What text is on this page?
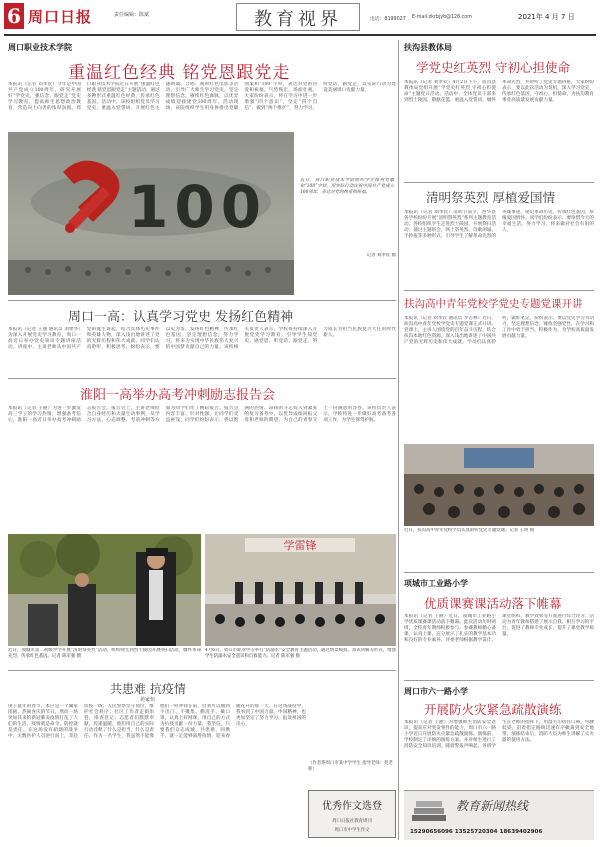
6 周口日报	责任编辑：陈斌	教育视界	电话：8199027 E-mail:zkrbjyb@126.com	2021年 4 月 7 日
周口职业技术学院
重温红色经典 铭党恩跟党走
本报讯（记者 刘孝钦）今年是中国共产党成立100周年，研究开展好“学党史、强信念、跟党走”党史学习教育，提高师生思想政治教育，营造向上向善的浓厚氛围。周口职业技术学院近日开展“重温红色经典 铭党恩跟党走”主题活动，通过多种形式重温红色经典，传承红色基因。活动中，该校组织党员学习党史，重温入党誓词，开展红色主题朗诵、合唱、观看红色电影等活动，引导广大师生学习党史，坚定理想信念，赓续红色血脉，以优异成绩迎接建党100周年。活动现场，该院组织学生用身体排出党徽图案和“100”字样，表达对党的热爱和祝福，气势恢宏，场面壮观。大家纷纷表示，将在学习中进一步增强“四个意识”、坚定“四个自信”、做到“两个维护”，努力学习，听党话、跟党走，以实际行动为建设美丽周口贡献力量。
100	近日，周口职业技术学院组织学生排列党徽和“100”字样，用实际行动庆祝中国共产党成立100周年，表达对党的热爱和祝福。
记者 刘孝钦 摄
周口一高：认真学习党史 发扬红色精神
本报讯（记者 王丽 通讯员 刘建华）为深入开展党史学习教育，周口一高近日举办党史知识专题讲座活动。讲座中，主讲老师从中国共产党的诞生讲起，结合具体历史事件和英雄人物，深入浅出地讲述了党的光辉历程和伟大成就。同学们认真聆听、积极思考，纷纷表示，要以史为鉴，发扬红色精神，传承红色基因，坚定理想信念，努力学习，将来为实现中华民族伟大复兴的中国梦贡献自己的力量。该校相关负责人表示，学校将持续深入开展党史学习教育，引导学生知党史、感党恩、听党话、跟党走，努力成长为担当民族复兴大任的时代新人。
淮阳一高举办高考冲刺励志报告会
本报讯（记者 王丽）为进一步激发高三学子的学习热情，增强备考信心，淮阳一高近日举办高考冲刺励志报告会。报告会上，主讲老师结合自身经历和大量生动事例，从学习方法、心态调整、考前冲刺等方面为同学们作了精彩报告。报告会内容丰富、针对性强，让同学们受益匪浅。同学们纷纷表示，将以饱满的热情、昂扬的斗志投入到紧张的复习备考中，以优异成绩回报父母和老师的期望，为自己的青春交上一份满意的答卷。该校负责人表示，学校将进一步做好高考备考各项工作，为学生保驾护航。
学雷锋
近日，项城市第二初级中学开展“清明祭英烈”活动，组织师生到烈士陵园开展祭扫活动，缅怀革命先烈，传承红色基因。记者 陈军强 摄
4月6日，周口市职业中专举行“防溺水”安全教育主题活动，通过情景模拟、知识讲解等形式，增强学生防溺水安全意识和自救能力。记者 陈军强 摄
共患难 抗疫情
苑家恒
庚子鼠年的春节，本应是一个阖家团圆、热闹喜庆的节日，然而一场突如其来的新冠肺炎疫情打乱了人们的生活。疫情就是命令，防控就是责任。在这场没有硝烟的战争中，无数医护人员逆行而上，奔赴抗疫一线；人民警察坚守岗位，维护社会秩序；社区工作者走街串巷，排查登记；志愿者们默默奉献，传递温暖。他们用自己的实际行动诠释了什么是担当，什么是责任。作为一名学生，我虽然不能像他们一样冲锋在前，但我可以做到不出门、不聚集、勤洗手、戴口罩，认真上好网课，用自己的方式为抗疫贡献一份力量。我坚信，只要我们众志成城、共患难、同携手，就一定能够战胜疫情，迎来春暖花开的那一天。在这场战役中，我看到了中国力量、中国精神，也更加坚定了努力学习、报效祖国的决心。
（作者系周口市某中学学生 指导老师：苑老师）
优秀作文选登
周口日报社教育周刊
周口市中学生作文
扶沟县教体局
学党史红英烈 守初心担使命
本报讯（记者 刘孝钦）4月2日下午，扶沟县教体局党组开展“学党史红英烈 守初心担使命”主题党日活动。活动中，全体党员干部来到烈士陵园，敬献花篮、重温入党誓词，缅怀革命先烈，并聆听了党史专题讲座。大家纷纷表示，要以此次活动为契机，深入学习党史，传承红色基因，守初心、担使命，为扶沟教育事业高质量发展贡献力量。
清明祭英烈 厚植爱国情
本报讯（记者 刘孝钦）清明节前夕，西华县各学校纷纷开展“清明祭英烈”系列主题教育活动。各校组织学生走进烈士陵园，开展祭扫活动；通过主题班会、网上祭英烈、诗歌朗诵、手抄报等多种形式，引导学生了解革命先烈的英雄事迹，铭记革命历史，传承红色基因，厚植爱国情怀。同学们纷纷表示，要珍惜今天的幸福生活，努力学习，将来做对社会有用的人。
扶沟高中青年党校学党史专题党课开讲
本报讯（记者 刘孝钦 通讯员 李占林）近日，扶沟高中青年党校学党史专题党课正式开讲。党课上，主讲人围绕党的百年奋斗历程，结合扶沟本地红色资源，深入浅出地讲述了中国共产党的光辉历史和伟大成就。学员们认真聆听，做好笔记，纷纷表示，要以党史学习为动力，坚定理想信念，锤炼坚强党性，在学习和工作中勇于担当、积极作为，为学校高质量发展贡献力量。
近日，扶沟高中青年党校学员认真聆听党史专题党课。记者 王珂 摄
项城市工业路小学
优质课赛课活动落下帷幕
本报讯（记者 王丽）近日，项城市工业路小学优质课赛课活动落下帷幕。此次活动历时两周，全校青年教师积极参与。参赛教师精心备课，认真上课，充分展示了扎实的教学基本功和良好的专业素养。评委老师根据教学设计、课堂组织、教学效果等方面进行综合评分。活动为青年教师搭建了展示自我、相互学习的平台，促进了教师专业成长，提升了课堂教学质量。
周口市六一路小学
开展防火灾紧急疏散演练
本报讯（记者 王丽）为增强师生消防安全意识，提高应对突发事件的能力，周口市六一路小学近日开展防火灾紧急疏散演练。演练前，学校制定了详细的演练方案，并对师生进行了消防安全知识培训。随着警报声响起，各班学生在老师的指挥下，用湿毛巾捂住口鼻，弯腰低姿，沿着指定路线迅速有序撤离到安全地带。演练结束后，消防人员为师生讲解了灭火器的使用方法。
教育新闻热线
15290656096 13525720304 18639402906
